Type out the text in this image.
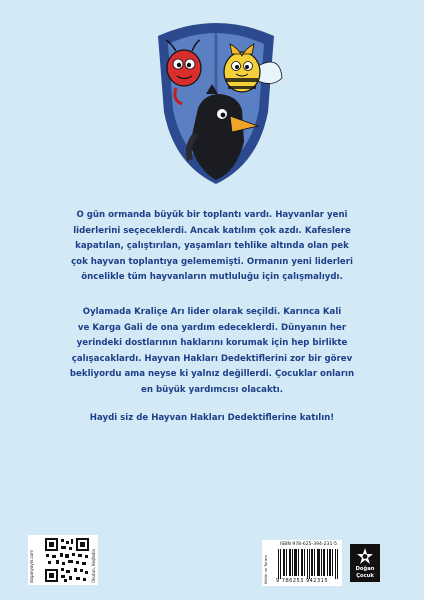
O gün ormanda büyük bir toplantı vardı. Hayvanlar yeni
liderlerini seçeceklerdi. Ancak katılım çok azdı. Kafeslere
kapatılan, çalıştırılan, yaşamları tehlike altında olan pek
çok hayvan toplantıya gelememişti. Ormanın yeni liderleri
öncelikle tüm hayvanların mutluluğu için çalışmalıydı.

Oylamada Kraliçe Arı lider olarak seçildi. Karınca Kali
ve Karga Gali de ona yardım edeceklerdi. Dünyanın her
yerindeki dostlarının haklarını korumak için hep birlikte
çalışacaklardı. Hayvan Hakları Dedektiflerini zor bir görev
bekliyordu ama neyse ki yalnız değillerdi. Çocuklar onların
en büyük yardımcısı olacaktı.

Haydi siz de Hayvan Hakları Dedektiflerine katılın!

doganyayin.com	Okutun, Keşfedin	Kültür ve Turizm
ISBN 978-625-394-231-5
9 786253 942315
Doğan
Çocuk
